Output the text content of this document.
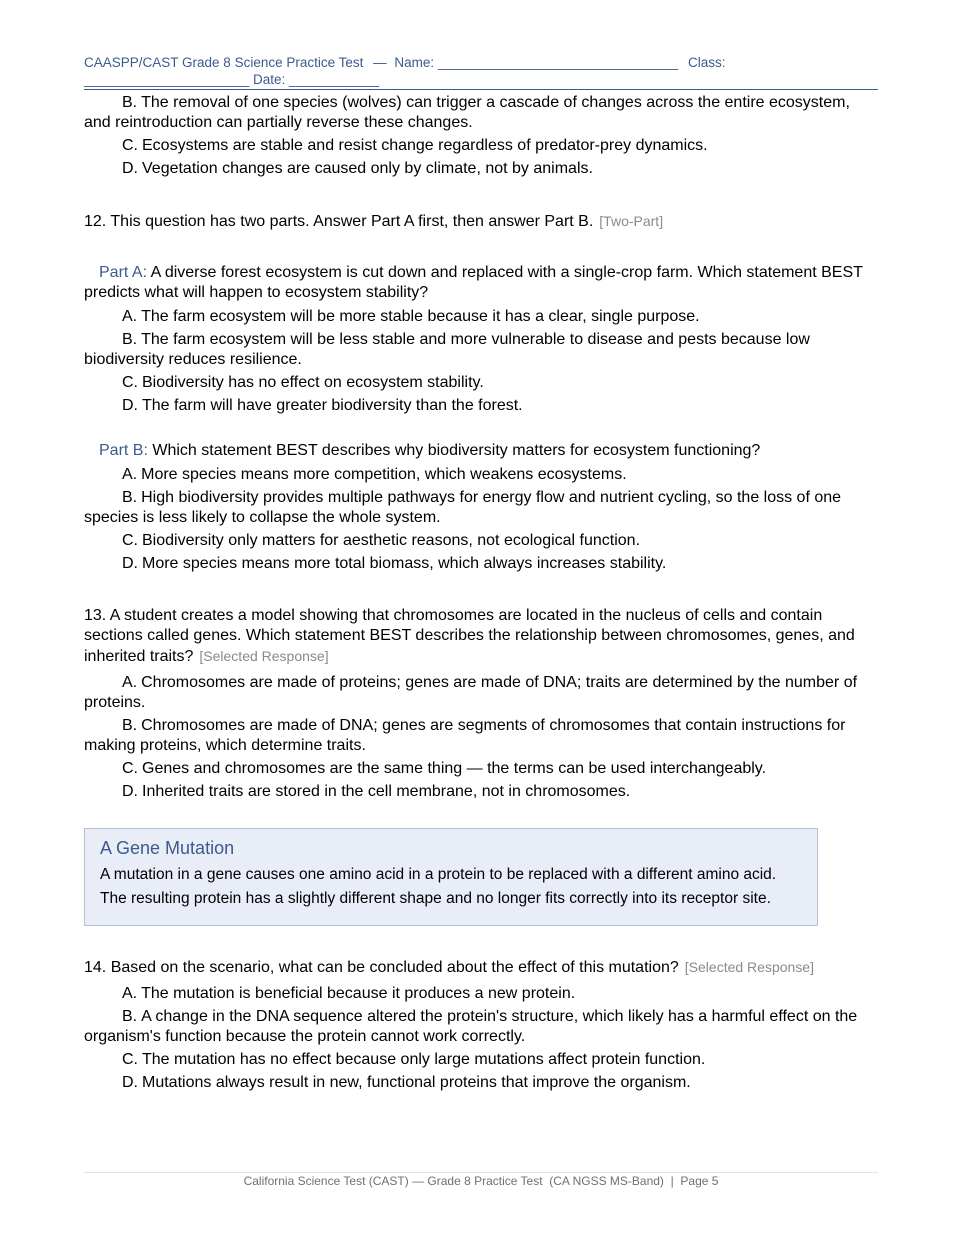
CAASPP/CAST Grade 8 Science Practice Test — Name: ________________________________ Class:
______________________ Date: ____________

B. The removal of one species (wolves) can trigger a cascade of changes across the entire ecosystem, and reintroduction can partially reverse these changes.

C. Ecosystems are stable and resist change regardless of predator-prey dynamics.

D. Vegetation changes are caused only by climate, not by animals.

12. This question has two parts. Answer Part A first, then answer Part B. [Two-Part]

Part A: A diverse forest ecosystem is cut down and replaced with a single-crop farm. Which statement BEST predicts what will happen to ecosystem stability?

A. The farm ecosystem will be more stable because it has a clear, single purpose.

B. The farm ecosystem will be less stable and more vulnerable to disease and pests because low biodiversity reduces resilience.

C. Biodiversity has no effect on ecosystem stability.

D. The farm will have greater biodiversity than the forest.

Part B: Which statement BEST describes why biodiversity matters for ecosystem functioning?

A. More species means more competition, which weakens ecosystems.

B. High biodiversity provides multiple pathways for energy flow and nutrient cycling, so the loss of one species is less likely to collapse the whole system.

C. Biodiversity only matters for aesthetic reasons, not ecological function.

D. More species means more total biomass, which always increases stability.

13. A student creates a model showing that chromosomes are located in the nucleus of cells and contain sections called genes. Which statement BEST describes the relationship between chromosomes, genes, and inherited traits? [Selected Response]

A. Chromosomes are made of proteins; genes are made of DNA; traits are determined by the number of proteins.

B. Chromosomes are made of DNA; genes are segments of chromosomes that contain instructions for making proteins, which determine traits.

C. Genes and chromosomes are the same thing — the terms can be used interchangeably.

D. Inherited traits are stored in the cell membrane, not in chromosomes.

A Gene Mutation

A mutation in a gene causes one amino acid in a protein to be replaced with a different amino acid.

The resulting protein has a slightly different shape and no longer fits correctly into its receptor site.

14. Based on the scenario, what can be concluded about the effect of this mutation? [Selected Response]

A. The mutation is beneficial because it produces a new protein.

B. A change in the DNA sequence altered the protein's structure, which likely has a harmful effect on the organism's function because the protein cannot work correctly.

C. The mutation has no effect because only large mutations affect protein function.

D. Mutations always result in new, functional proteins that improve the organism.

California Science Test (CAST) — Grade 8 Practice Test  (CA NGSS MS-Band)  |  Page 5
